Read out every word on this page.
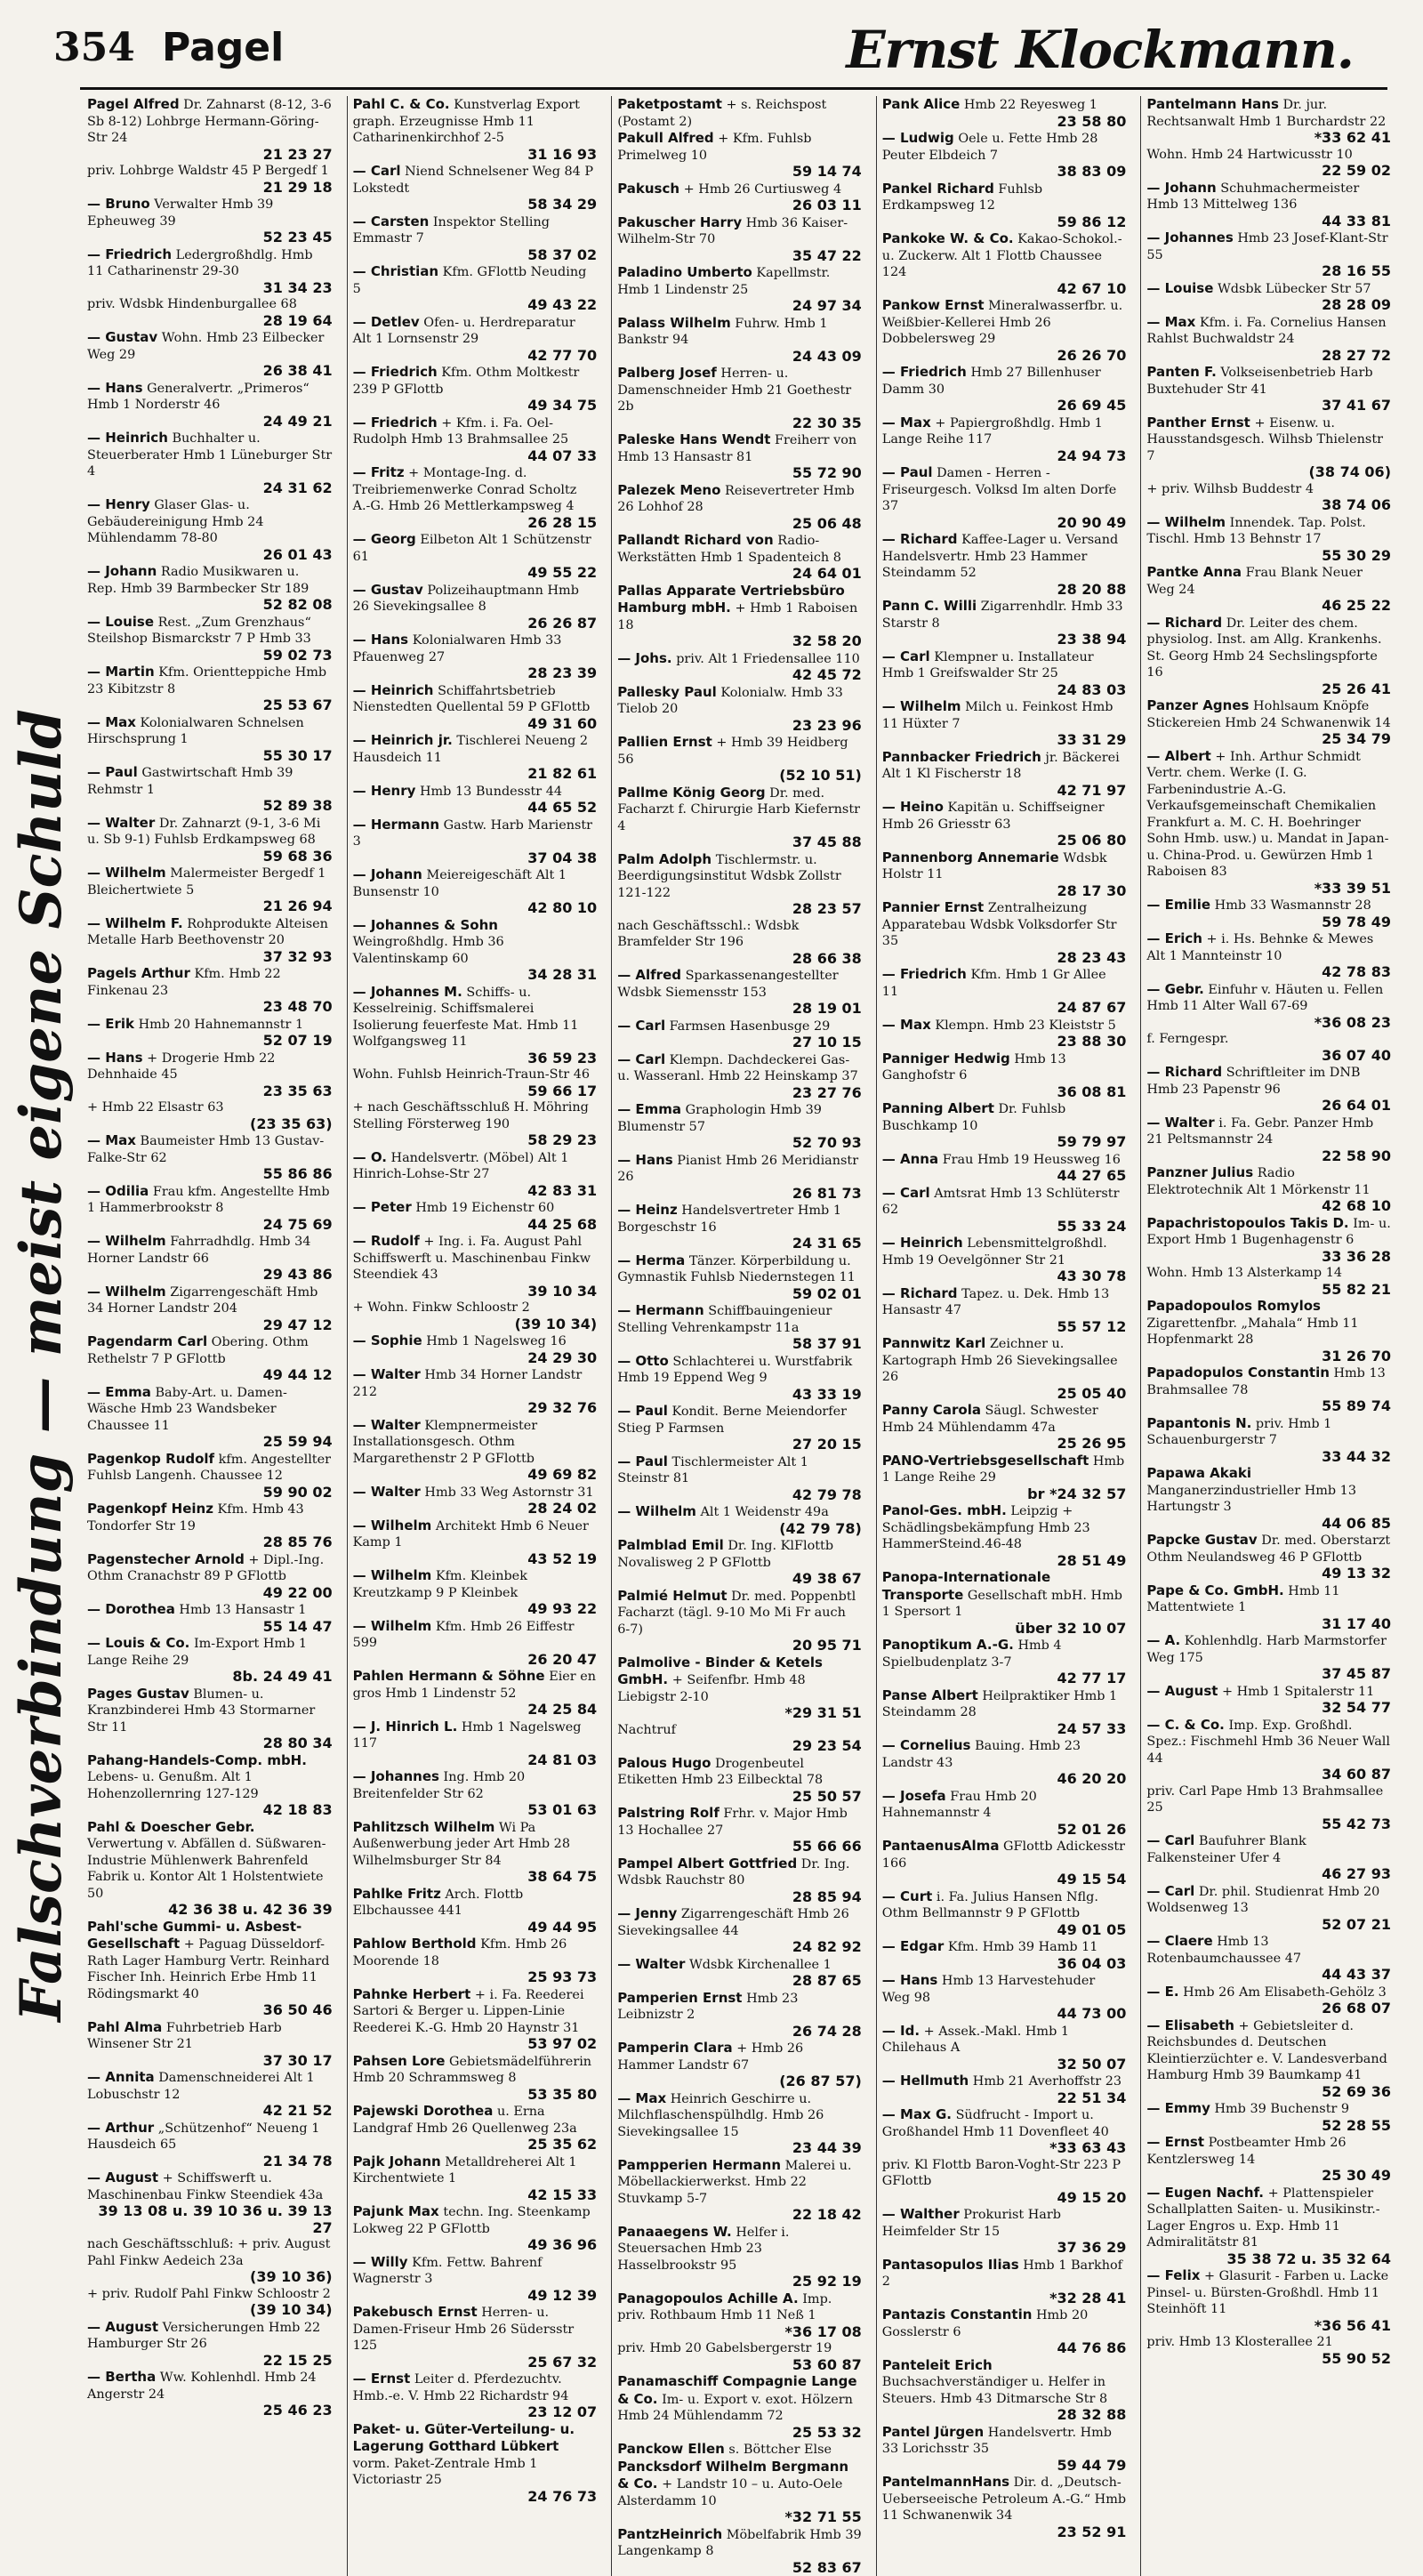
354 Pagel	Ernst Klockmann.
Falschverbindung — meist eigene Schuld

Pagel Alfred Dr. Zahnarst (8-12, 3-6 Sb 8-12) Lohbrge Hermann-Göring-Str 24
21 23 27

priv. Lohbrge Waldstr 45 P Bergedf 1
21 29 18

— Bruno Verwalter Hmb 39 Epheuweg 39
52 23 45

— Friedrich Ledergroßhdlg. Hmb 11 Catharinenstr 29-30
31 34 23

priv. Wdsbk Hindenburgallee 68
28 19 64

— Gustav Wohn. Hmb 23 Eilbecker Weg 29
26 38 41

— Hans Generalvertr. „Primeros“ Hmb 1 Norderstr 46
24 49 21

— Heinrich Buchhalter u. Steuerberater Hmb 1 Lüneburger Str 4
24 31 62

— Henry Glaser Glas- u. Gebäudereinigung Hmb 24 Mühlendamm 78-80
26 01 43

— Johann Radio Musikwaren u. Rep. Hmb 39 Barmbecker Str 189
52 82 08

— Louise Rest. „Zum Grenzhaus“ Steilshop Bismarckstr 7 P Hmb 33
59 02 73

— Martin Kfm. Orientteppiche Hmb 23 Kibitzstr 8
25 53 67

— Max Kolonialwaren Schnelsen Hirschsprung 1
55 30 17

— Paul Gastwirtschaft Hmb 39 Rehmstr 1
52 89 38

— Walter Dr. Zahnarzt (9-1, 3-6 Mi u. Sb 9-1) Fuhlsb Erdkampsweg 68
59 68 36

— Wilhelm Malermeister Bergedf 1 Bleichertwiete 5
21 26 94

— Wilhelm F. Rohprodukte Alteisen Metalle Harb Beethovenstr 20
37 32 93

Pagels Arthur Kfm. Hmb 22 Finkenau 23
23 48 70

— Erik Hmb 20 Hahnemannstr 1
52 07 19

— Hans + Drogerie Hmb 22 Dehnhaide 45
23 35 63

+ Hmb 22 Elsastr 63
(23 35 63)

— Max Baumeister Hmb 13 Gustav-Falke-Str 62
55 86 86

— Odilia Frau kfm. Angestellte Hmb 1 Hammerbrookstr 8
24 75 69

— Wilhelm Fahrradhdlg. Hmb 34 Horner Landstr 66
29 43 86

— Wilhelm Zigarrengeschäft Hmb 34 Horner Landstr 204
29 47 12

Pagendarm Carl Obering. Othm Rethelstr 7 P GFlottb
49 44 12

— Emma Baby-Art. u. Damen-Wäsche Hmb 23 Wandsbeker Chaussee 11
25 59 94

Pagenkop Rudolf kfm. Angestellter Fuhlsb Langenh. Chaussee 12
59 90 02

Pagenkopf Heinz Kfm. Hmb 43 Tondorfer Str 19
28 85 76

Pagenstecher Arnold + Dipl.-Ing. Othm Cranachstr 89 P GFlottb
49 22 00

— Dorothea Hmb 13 Hansastr 1
55 14 47

— Louis & Co. Im-Export Hmb 1 Lange Reihe 29
8b. 24 49 41

Pages Gustav Blumen- u. Kranzbinderei Hmb 43 Stormarner Str 11
28 80 34

Pahang-Handels-Comp. mbH. Lebens- u. Genußm. Alt 1 Hohenzollernring 127-129
42 18 83

Pahl & Doescher Gebr. Verwertung v. Abfällen d. Süßwaren-Industrie Mühlenwerk Bahrenfeld Fabrik u. Kontor Alt 1 Holstentwiete 50
42 36 38 u. 42 36 39

Pahl'sche Gummi- u. Asbest-Gesellschaft + Paguag Düsseldorf-Rath Lager Hamburg Vertr. Reinhard Fischer Inh. Heinrich Erbe Hmb 11 Rödingsmarkt 40
36 50 46

Pahl Alma Fuhrbetrieb Harb Winsener Str 21
37 30 17

— Annita Damenschneiderei Alt 1 Lobuschstr 12
42 21 52

— Arthur „Schützenhof“ Neueng 1 Hausdeich 65
21 34 78

— August + Schiffswerft u. Maschinenbau Finkw Steendiek 43a
39 13 08 u. 39 10 36 u. 39 13 27

nach Geschäftsschluß: + priv. August Pahl Finkw Aedeich 23a
(39 10 36)

+ priv. Rudolf Pahl Finkw Schloostr 2
(39 10 34)

— August Versicherungen Hmb 22 Hamburger Str 26
22 15 25

— Bertha Ww. Kohlenhdl. Hmb 24 Angerstr 24
25 46 23

Pahl C. & Co. Kunstverlag Export graph. Erzeugnisse Hmb 11 Catharinenkirchhof 2-5
31 16 93

— Carl Niend Schnelsener Weg 84 P Lokstedt
58 34 29

— Carsten Inspektor Stelling Emmastr 7
58 37 02

— Christian Kfm. GFlottb Neuding 5
49 43 22

— Detlev Ofen- u. Herdreparatur Alt 1 Lornsenstr 29
42 77 70

— Friedrich Kfm. Othm Moltkestr 239 P GFlottb
49 34 75

— Friedrich + Kfm. i. Fa. Oel-Rudolph Hmb 13 Brahmsallee 25
44 07 33

— Fritz + Montage-Ing. d. Treibriemenwerke Conrad Scholtz A.-G. Hmb 26 Mettlerkampsweg 4
26 28 15

— Georg Eilbeton Alt 1 Schützenstr 61
49 55 22

— Gustav Polizeihauptmann Hmb 26 Sievekingsallee 8
26 26 87

— Hans Kolonialwaren Hmb 33 Pfauenweg 27
28 23 39

— Heinrich Schiffahrtsbetrieb Nienstedten Quellental 59 P GFlottb
49 31 60

— Heinrich jr. Tischlerei Neueng 2 Hausdeich 11
21 82 61

— Henry Hmb 13 Bundesstr 44
44 65 52

— Hermann Gastw. Harb Marienstr 3
37 04 38

— Johann Meiereigeschäft Alt 1 Bunsenstr 10
42 80 10

— Johannes & Sohn Weingroßhdlg. Hmb 36 Valentinskamp 60
34 28 31

— Johannes M. Schiffs- u. Kesselreinig. Schiffsmalerei Isolierung feuerfeste Mat. Hmb 11 Wolfgangsweg 11
36 59 23

Wohn. Fuhlsb Heinrich-Traun-Str 46
59 66 17

+ nach Geschäftsschluß H. Möhring Stelling Försterweg 190
58 29 23

— O. Handelsvertr. (Möbel) Alt 1 Hinrich-Lohse-Str 27
42 83 31

— Peter Hmb 19 Eichenstr 60
44 25 68

— Rudolf + Ing. i. Fa. August Pahl Schiffswerft u. Maschinenbau Finkw Steendiek 43
39 10 34

+ Wohn. Finkw Schloostr 2
(39 10 34)

— Sophie Hmb 1 Nagelsweg 16
24 29 30

— Walter Hmb 34 Horner Landstr 212
29 32 76

— Walter Klempnermeister Installationsgesch. Othm Margarethenstr 2 P GFlottb
49 69 82

— Walter Hmb 33 Weg Astornstr 31
28 24 02

— Wilhelm Architekt Hmb 6 Neuer Kamp 1
43 52 19

— Wilhelm Kfm. Kleinbek Kreutzkamp 9 P Kleinbek
49 93 22

— Wilhelm Kfm. Hmb 26 Eiffestr 599
26 20 47

Pahlen Hermann & Söhne Eier en gros Hmb 1 Lindenstr 52
24 25 84

— J. Hinrich L. Hmb 1 Nagelsweg 117
24 81 03

— Johannes Ing. Hmb 20 Breitenfelder Str 62
53 01 63

Pahlitzsch Wilhelm Wi Pa Außenwerbung jeder Art Hmb 28 Wilhelmsburger Str 84
38 64 75

Pahlke Fritz Arch. Flottb Elbchaussee 441
49 44 95

Pahlow Berthold Kfm. Hmb 26 Moorende 18
25 93 73

Pahnke Herbert + i. Fa. Reederei Sartori & Berger u. Lippen-Linie Reederei K.-G. Hmb 20 Haynstr 31
53 97 02

Pahsen Lore Gebietsmädelführerin Hmb 20 Schrammsweg 8
53 35 80

Pajewski Dorothea u. Erna Landgraf Hmb 26 Quellenweg 23a
25 35 62

Pajk Johann Metalldreherei Alt 1 Kirchentwiete 1
42 15 33

Pajunk Max techn. Ing. Steenkamp Lokweg 22 P GFlottb
49 36 96

— Willy Kfm. Fettw. Bahrenf Wagnerstr 3
49 12 39

Pakebusch Ernst Herren- u. Damen-Friseur Hmb 26 Südersstr 125
25 67 32

— Ernst Leiter d. Pferdezuchtv. Hmb.-e. V. Hmb 22 Richardstr 94
23 12 07

Paket- u. Güter-Verteilung- u. Lagerung Gotthard Lübkert vorm. Paket-Zentrale Hmb 1 Victoriastr 25
24 76 73

Paketpostamt + s. Reichspost (Postamt 2)

Pakull Alfred + Kfm. Fuhlsb Primelweg 10
59 14 74

Pakusch + Hmb 26 Curtiusweg 4
26 03 11

Pakuscher Harry Hmb 36 Kaiser-Wilhelm-Str 70
35 47 22

Paladino Umberto Kapellmstr. Hmb 1 Lindenstr 25
24 97 34

Palass Wilhelm Fuhrw. Hmb 1 Bankstr 94
24 43 09

Palberg Josef Herren- u. Damenschneider Hmb 21 Goethestr 2b
22 30 35

Paleske Hans Wendt Freiherr von Hmb 13 Hansastr 81
55 72 90

Palezek Meno Reisevertreter Hmb 26 Lohhof 28
25 06 48

Pallandt Richard von Radio-Werkstätten Hmb 1 Spadenteich 8
24 64 01

Pallas Apparate Vertriebsbüro Hamburg mbH. + Hmb 1 Raboisen 18
32 58 20

— Johs. priv. Alt 1 Friedensallee 110
42 45 72

Pallesky Paul Kolonialw. Hmb 33 Tielob 20
23 23 96

Pallien Ernst + Hmb 39 Heidberg 56
(52 10 51)

Pallme König Georg Dr. med. Facharzt f. Chirurgie Harb Kiefernstr 4
37 45 88

Palm Adolph Tischlermstr. u. Beerdigungsinstitut Wdsbk Zollstr 121-122
28 23 57

nach Geschäftsschl.: Wdsbk Bramfelder Str 196
28 66 38

— Alfred Sparkassenangestellter Wdsbk Siemensstr 153
28 19 01

— Carl Farmsen Hasenbusge 29
27 10 15

— Carl Klempn. Dachdeckerei Gas- u. Wasseranl. Hmb 22 Heinskamp 37
23 27 76

— Emma Graphologin Hmb 39 Blumenstr 57
52 70 93

— Hans Pianist Hmb 26 Meridianstr 26
26 81 73

— Heinz Handelsvertreter Hmb 1 Borgeschstr 16
24 31 65

— Herma Tänzer. Körperbildung u. Gymnastik Fuhlsb Niedernstegen 11
59 02 01

— Hermann Schiffbauingenieur Stelling Vehrenkampstr 11a
58 37 91

— Otto Schlachterei u. Wurstfabrik Hmb 19 Eppend Weg 9
43 33 19

— Paul Kondit. Berne Meiendorfer Stieg P Farmsen
27 20 15

— Paul Tischlermeister Alt 1 Steinstr 81
42 79 78

— Wilhelm Alt 1 Weidenstr 49a
(42 79 78)

Palmblad Emil Dr. Ing. KlFlottb Novalisweg 2 P GFlottb
49 38 67

Palmié Helmut Dr. med. Poppenbtl Facharzt (tägl. 9-10 Mo Mi Fr auch 6-7)
20 95 71

Palmolive - Binder & Ketels GmbH. + Seifenfbr. Hmb 48 Liebigstr 2-10
*29 31 51

Nachtruf
29 23 54

Palous Hugo Drogenbeutel Etiketten Hmb 23 Eilbecktal 78
25 50 57

Palstring Rolf Frhr. v. Major Hmb 13 Hochallee 27
55 66 66

Pampel Albert Gottfried Dr. Ing. Wdsbk Rauchstr 80
28 85 94

— Jenny Zigarrengeschäft Hmb 26 Sievekingsallee 44
24 82 92

— Walter Wdsbk Kirchenallee 1
28 87 65

Pamperien Ernst Hmb 23 Leibnizstr 2
26 74 28

Pamperin Clara + Hmb 26 Hammer Landstr 67
(26 87 57)

— Max Heinrich Geschirre u. Milchflaschenspülhdlg. Hmb 26 Sievekingsallee 15
23 44 39

Pampperien Hermann Malerei u. Möbellackierwerkst. Hmb 22 Stuvkamp 5-7
22 18 42

Panaaegens W. Helfer i. Steuersachen Hmb 23 Hasselbrookstr 95
25 92 19

Panagopoulos Achille A. Imp. priv. Rothbaum Hmb 11 Neß 1
*36 17 08

priv. Hmb 20 Gabelsbergerstr 19
53 60 87

Panamaschiff Compagnie Lange & Co. Im- u. Export v. exot. Hölzern Hmb 24 Mühlendamm 72
25 53 32

Panckow Ellen s. Böttcher Else

Pancksdorf Wilhelm Bergmann & Co. + Landstr 10 – u. Auto-Oele Alsterdamm 10
*32 71 55

PantzHeinrich Möbelfabrik Hmb 39 Langenkamp 8
52 83 67

Pank Alice Hmb 22 Reyesweg 1
23 58 80

— Ludwig Oele u. Fette Hmb 28 Peuter Elbdeich 7
38 83 09

Pankel Richard Fuhlsb Erdkampsweg 12
59 86 12

Pankoke W. & Co. Kakao-Schokol.- u. Zuckerw. Alt 1 Flottb Chaussee 124
42 67 10

Pankow Ernst Mineralwasserfbr. u. Weißbier-Kellerei Hmb 26 Dobbelersweg 29
26 26 70

— Friedrich Hmb 27 Billenhuser Damm 30
26 69 45

— Max + Papiergroßhdlg. Hmb 1 Lange Reihe 117
24 94 73

— Paul Damen - Herren - Friseurgesch. Volksd Im alten Dorfe 37
20 90 49

— Richard Kaffee-Lager u. Versand Handelsvertr. Hmb 23 Hammer Steindamm 52
28 20 88

Pann C. Willi Zigarrenhdlr. Hmb 33 Starstr 8
23 38 94

— Carl Klempner u. Installateur Hmb 1 Greifswalder Str 25
24 83 03

— Wilhelm Milch u. Feinkost Hmb 11 Hüxter 7
33 31 29

Pannbacker Friedrich jr. Bäckerei Alt 1 Kl Fischerstr 18
42 71 97

— Heino Kapitän u. Schiffseigner Hmb 26 Griesstr 63
25 06 80

Pannenborg Annemarie Wdsbk Holstr 11
28 17 30

Pannier Ernst Zentralheizung Apparatebau Wdsbk Volksdorfer Str 35
28 23 43

— Friedrich Kfm. Hmb 1 Gr Allee 11
24 87 67

— Max Klempn. Hmb 23 Kleiststr 5
23 88 30

Panniger Hedwig Hmb 13 Ganghofstr 6
36 08 81

Panning Albert Dr. Fuhlsb Buschkamp 10
59 79 97

— Anna Frau Hmb 19 Heussweg 16
44 27 65

— Carl Amtsrat Hmb 13 Schlüterstr 62
55 33 24

— Heinrich Lebensmittelgroßhdl. Hmb 19 Oevelgönner Str 21
43 30 78

— Richard Tapez. u. Dek. Hmb 13 Hansastr 47
55 57 12

Pannwitz Karl Zeichner u. Kartograph Hmb 26 Sievekingsallee 26
25 05 40

Panny Carola Säugl. Schwester Hmb 24 Mühlendamm 47a
25 26 95

PANO-Vertriebsgesellschaft Hmb 1 Lange Reihe 29
br *24 32 57

Panol-Ges. mbH. Leipzig + Schädlingsbekämpfung Hmb 23 HammerSteind.46-48
28 51 49

Panopa-Internationale Transporte Gesellschaft mbH. Hmb 1 Spersort 1
über 32 10 07

Panoptikum A.-G. Hmb 4 Spielbudenplatz 3-7
42 77 17

Panse Albert Heilpraktiker Hmb 1 Steindamm 28
24 57 33

— Cornelius Bauing. Hmb 23 Landstr 43
46 20 20

— Josefa Frau Hmb 20 Hahnemannstr 4
52 01 26

PantaenusAlma GFlottb Adickesstr 166
49 15 54

— Curt i. Fa. Julius Hansen Nflg. Othm Bellmannstr 9 P GFlottb
49 01 05

— Edgar Kfm. Hmb 39 Hamb 11
36 04 03

— Hans Hmb 13 Harvestehuder Weg 98
44 73 00

— Id. + Assek.-Makl. Hmb 1 Chilehaus A
32 50 07

— Hellmuth Hmb 21 Averhoffstr 23
22 51 34

— Max G. Südfrucht - Import u. Großhandel Hmb 11 Dovenfleet 40
*33 63 43

priv. Kl Flottb Baron-Voght-Str 223 P GFlottb
49 15 20

— Walther Prokurist Harb Heimfelder Str 15
37 36 29

Pantasopulos Ilias Hmb 1 Barkhof 2
*32 28 41

Pantazis Constantin Hmb 20 Gosslerstr 6
44 76 86

Panteleit Erich Buchsachverständiger u. Helfer in Steuers. Hmb 43 Ditmarsche Str 8
28 32 88

Pantel Jürgen Handelsvertr. Hmb 33 Lorichsstr 35
59 44 79

PantelmannHans Dir. d. „Deutsch-Ueberseeische Petroleum A.-G.“ Hmb 11 Schwanenwik 34
23 52 91

Pantelmann Hans Dr. jur. Rechtsanwalt Hmb 1 Burchardstr 22
*33 62 41

Wohn. Hmb 24 Hartwicusstr 10
22 59 02

— Johann Schuhmachermeister Hmb 13 Mittelweg 136
44 33 81

— Johannes Hmb 23 Josef-Klant-Str 55
28 16 55

— Louise Wdsbk Lübecker Str 57
28 28 09

— Max Kfm. i. Fa. Cornelius Hansen Rahlst Buchwaldstr 24
28 27 72

Panten F. Volkseisenbetrieb Harb Buxtehuder Str 41
37 41 67

Panther Ernst + Eisenw. u. Hausstandsgesch. Wilhsb Thielenstr 7
(38 74 06)

+ priv. Wilhsb Buddestr 4
38 74 06

— Wilhelm Innendek. Tap. Polst. Tischl. Hmb 13 Behnstr 17
55 30 29

Pantke Anna Frau Blank Neuer Weg 24
46 25 22

— Richard Dr. Leiter des chem. physiolog. Inst. am Allg. Krankenhs. St. Georg Hmb 24 Sechslingspforte 16
25 26 41

Panzer Agnes Hohlsaum Knöpfe Stickereien Hmb 24 Schwanenwik 14
25 34 79

— Albert + Inh. Arthur Schmidt Vertr. chem. Werke (I. G. Farbenindustrie A.-G. Verkaufsgemeinschaft Chemikalien Frankfurt a. M. C. H. Boehringer Sohn Hmb. usw.) u. Mandat in Japan- u. China-Prod. u. Gewürzen Hmb 1 Raboisen 83
*33 39 51

— Emilie Hmb 33 Wasmannstr 28
59 78 49

— Erich + i. Hs. Behnke & Mewes Alt 1 Mannteinstr 10
42 78 83

— Gebr. Einfuhr v. Häuten u. Fellen Hmb 11 Alter Wall 67-69
*36 08 23

f. Ferngespr.
36 07 40

— Richard Schriftleiter im DNB Hmb 23 Papenstr 96
26 64 01

— Walter i. Fa. Gebr. Panzer Hmb 21 Peltsmannstr 24
22 58 90

Panzner Julius Radio Elektrotechnik Alt 1 Mörkenstr 11
42 68 10

Papachristopoulos Takis D. Im- u. Export Hmb 1 Bugenhagenstr 6
33 36 28

Wohn. Hmb 13 Alsterkamp 14
55 82 21

Papadopoulos Romylos Zigarettenfbr. „Mahala“ Hmb 11 Hopfenmarkt 28
31 26 70

Papadopulos Constantin Hmb 13 Brahmsallee 78
55 89 74

Papantonis N. priv. Hmb 1 Schauenburgerstr 7
33 44 32

Papawa Akaki Manganerzindustrieller Hmb 13 Hartungstr 3
44 06 85

Papcke Gustav Dr. med. Oberstarzt Othm Neulandsweg 46 P GFlottb
49 13 32

Pape & Co. GmbH. Hmb 11 Mattentwiete 1
31 17 40

— A. Kohlenhdlg. Harb Marmstorfer Weg 175
37 45 87

— August + Hmb 1 Spitalerstr 11
32 54 77

— C. & Co. Imp. Exp. Großhdl. Spez.: Fischmehl Hmb 36 Neuer Wall 44
34 60 87

priv. Carl Pape Hmb 13 Brahmsallee 25
55 42 73

— Carl Baufuhrer Blank Falkensteiner Ufer 4
46 27 93

— Carl Dr. phil. Studienrat Hmb 20 Woldsenweg 13
52 07 21

— Claere Hmb 13 Rotenbaumchaussee 47
44 43 37

— E. Hmb 26 Am Elisabeth-Gehölz 3
26 68 07

— Elisabeth + Gebietsleiter d. Reichsbundes d. Deutschen Kleintierzüchter e. V. Landesverband Hamburg Hmb 39 Baumkamp 41
52 69 36

— Emmy Hmb 39 Buchenstr 9
52 28 55

— Ernst Postbeamter Hmb 26 Kentzlersweg 14
25 30 49

— Eugen Nachf. + Plattenspieler Schallplatten Saiten- u. Musikinstr.-Lager Engros u. Exp. Hmb 11 Admiralitätstr 81
35 38 72 u. 35 32 64

— Felix + Glasurit - Farben u. Lacke Pinsel- u. Bürsten-Großhdl. Hmb 11 Steinhöft 11
*36 56 41

priv. Hmb 13 Klosterallee 21
55 90 52
